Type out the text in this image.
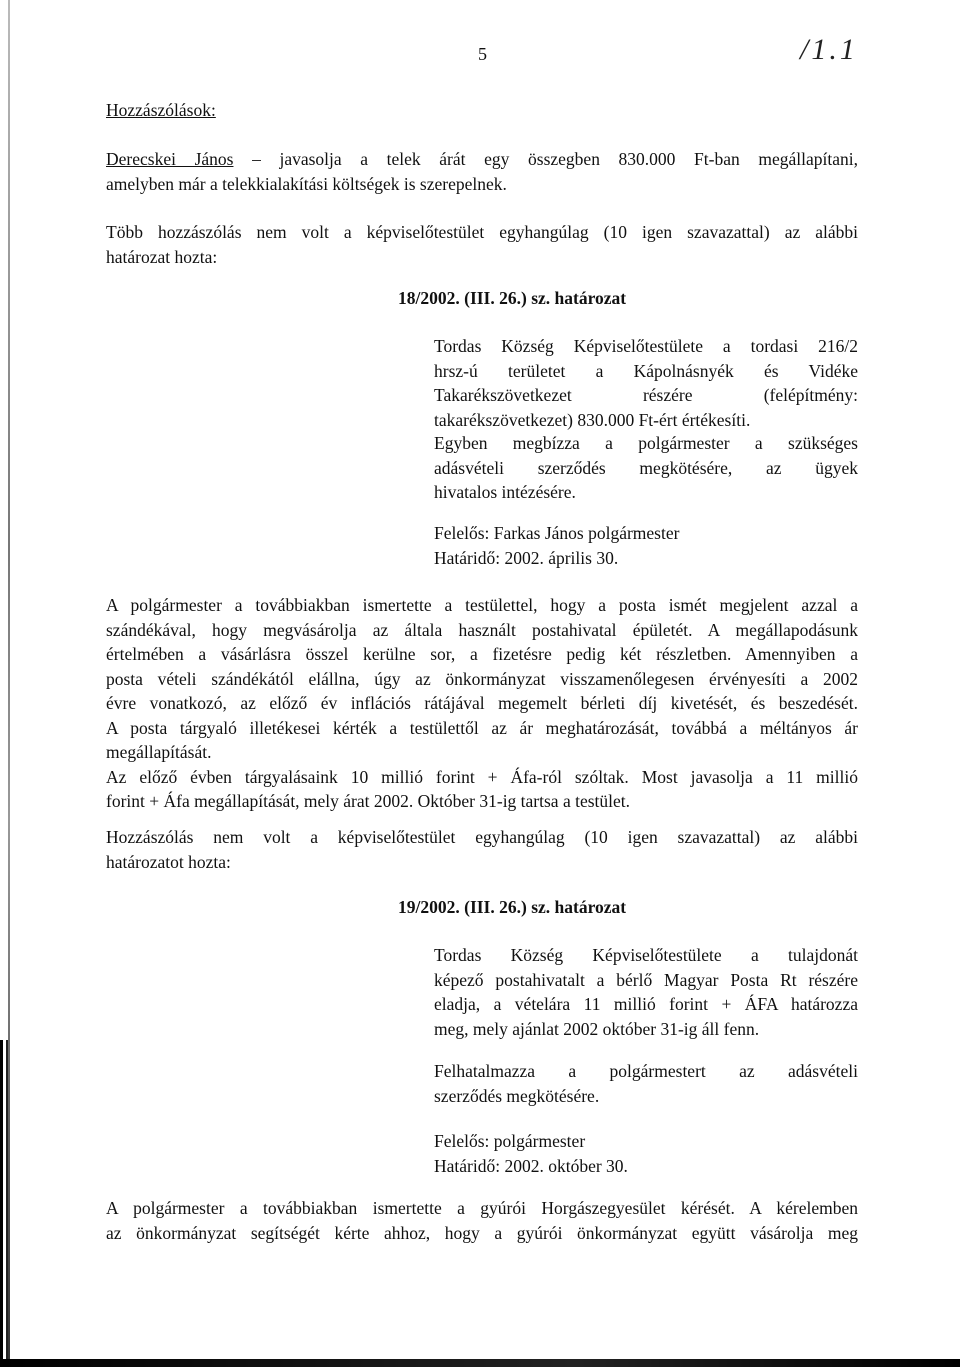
5	/1.1
Hozzászólások:
Derecskei János – javasolja a telek árát egy összegben 830.000 Ft-ban megállapítani,
amelyben már a telekkialakítási költségek is szerepelnek.
Több hozzászólás nem volt a képviselőtestület egyhangúlag (10 igen szavazattal) az alábbi
határozat hozta:
18/2002. (III. 26.) sz. határozat
Tordas Község Képviselőtestülete a tordasi 216/2
hrsz-ú területet a Kápolnásnyék és Vidéke
Takarékszövetkezet részére (felépítmény:
takarékszövetkezet) 830.000 Ft-ért értékesíti.
Egyben megbízza a polgármester a szükséges
adásvételi szerződés megkötésére, az ügyek
hivatalos intézésére.
Felelős: Farkas János polgármester
Határidő: 2002. április 30.
A polgármester a továbbiakban ismertette a testülettel, hogy a posta ismét megjelent azzal a
szándékával, hogy megvásárolja az általa használt postahivatal épületét. A megállapodásunk
értelmében a vásárlásra összel kerülne sor, a fizetésre pedig két részletben. Amennyiben a
posta vételi szándékától elállna, úgy az önkormányzat visszamenőlegesen érvényesíti a 2002
évre vonatkozó, az előző év inflációs rátájával megemelt bérleti díj kivetését, és beszedését.
A posta tárgyaló illetékesei kérték a testülettől az ár meghatározását, továbbá a méltányos ár
megállapítását.
Az előző évben tárgyalásaink 10 millió forint + Áfa-ról szóltak. Most javasolja a 11 millió
forint + Áfa megállapítását, mely árat 2002. Október 31-ig tartsa a testület.
Hozzászólás nem volt a képviselőtestület egyhangúlag (10 igen szavazattal) az alábbi
határozatot hozta:
19/2002. (III. 26.) sz. határozat
Tordas Község Képviselőtestülete a tulajdonát
képező postahivatalt a bérlő Magyar Posta Rt részére
eladja, a vételára 11 millió forint + ÁFA határozza
meg, mely ajánlat 2002 október 31-ig áll fenn.
Felhatalmazza a polgármestert az adásvételi
szerződés megkötésére.
Felelős: polgármester
Határidő: 2002. október 30.
A polgármester a továbbiakban ismertette a gyúrói Horgászegyesület kérését. A kérelemben
az önkormányzat segítségét kérte ahhoz, hogy a gyúrói önkormányzat együtt vásárolja meg
